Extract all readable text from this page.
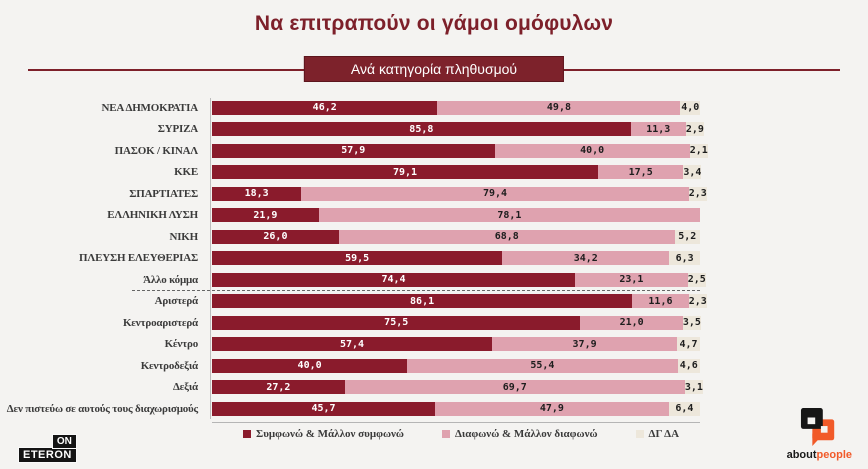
Να επιτραπούν οι γάμοι ομόφυλων
Ανά κατηγορία πληθυσμού
ΝΕΑ ΔΗΜΟΚΡΑΤΙΑ	46,2	49,8	4,0
ΣΥΡΙΖΑ	85,8	11,3 2,9
ΠΑΣΟΚ / ΚΙΝΑΛ	57,9	40,0	2,1
ΚΚΕ	79,1	17,5	3,4
ΣΠΑΡΤΙΑΤΕΣ	18,3	79,4	2,3
ΕΛΛΗΝΙΚΗ ΛΥΣΗ	21,9	78,1
ΝΙΚΗ	26,0	68,8	5,2
ΠΛΕΥΣΗ ΕΛΕΥΘΕΡΙΑΣ	59,5	34,2	6,3
Άλλο κόμμα	74,4	23,1	2,5
Αριστερά	86,1	11,6 2,3
Κεντροαριστερά	75,5	21,0	3,5
Κέντρο	57,4	37,9	4,7
Κεντροδεξιά	40,0	55,4	4,6
Δεξιά	27,2	69,7	3,1
Δεν πιστεύω σε αυτούς τους διαχωρισμούς	45,7	47,9	6,4
Συμφωνώ & Μάλλον συμφωνώ	Διαφωνώ & Μάλλον διαφωνώ	ΔΓ ΔΑ
ON
ETERON	aboutpeople
